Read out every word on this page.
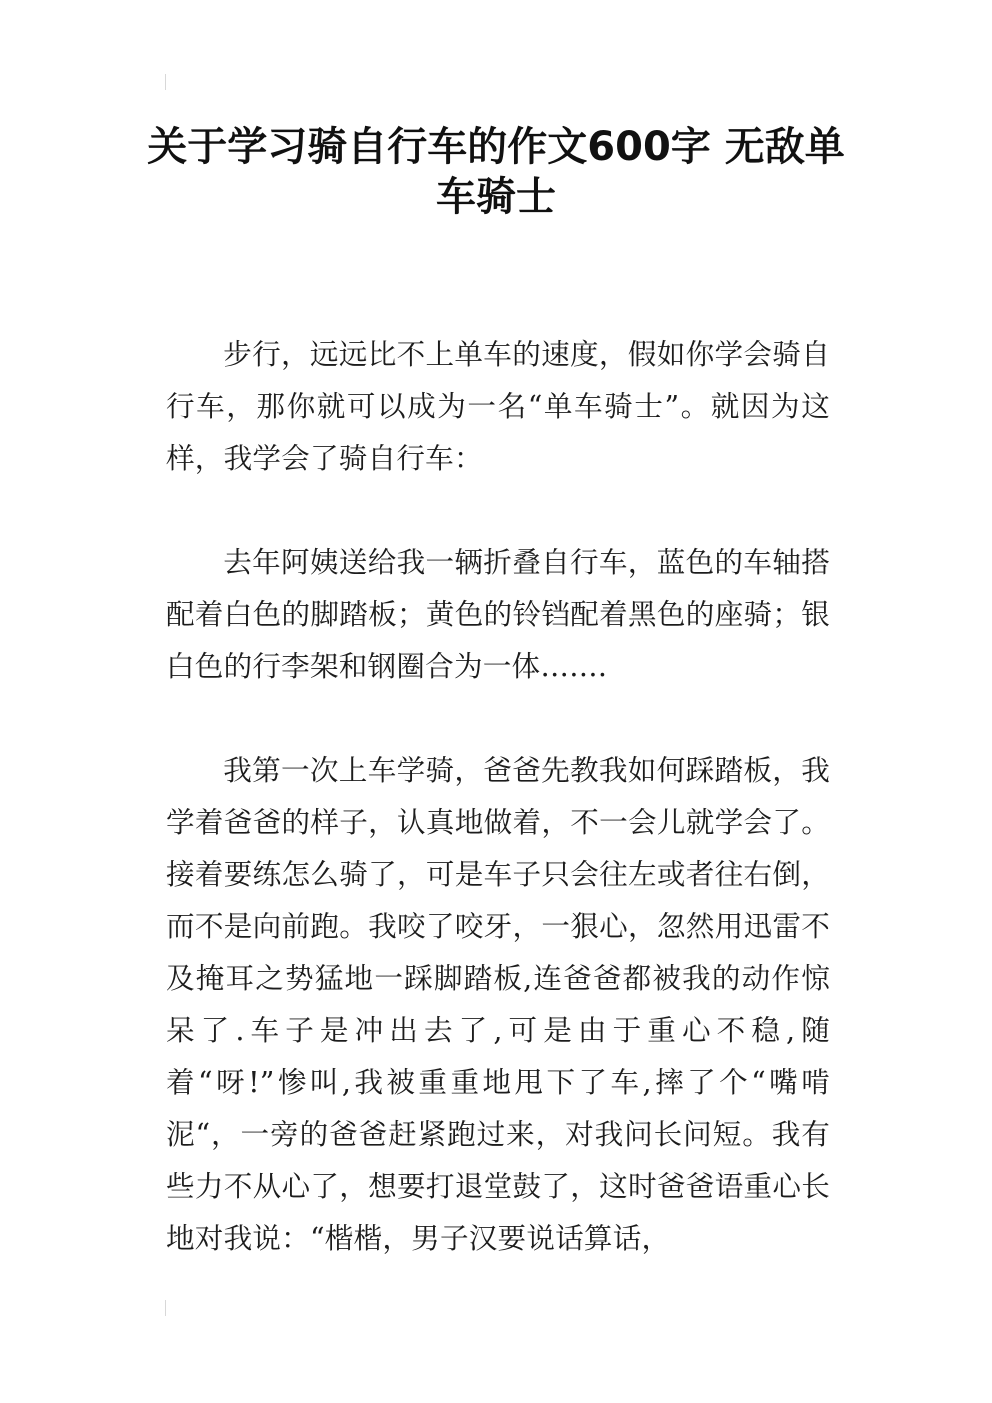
关于学习骑自行车的作文600字 无敌单车骑士

步行，远远比不上单车的速度，假如你学会骑自行车，那你就可以成为一名“单车骑士”。就因为这样，我学会了骑自行车：

去年阿姨送给我一辆折叠自行车，蓝色的车轴搭配着白色的脚踏板；黄色的铃铛配着黑色的座骑；银白色的行李架和钢圈合为一体…….

我第一次上车学骑，爸爸先教我如何踩踏板，我学着爸爸的样子，认真地做着，不一会儿就学会了。接着要练怎么骑了，可是车子只会往左或者往右倒，而不是向前跑。我咬了咬牙，一狠心，忽然用迅雷不及掩耳之势猛地一踩脚踏板,连爸爸都被我的动作惊呆了.车子是冲出去了,可是由于重心不稳,随着“呀!”惨叫,我被重重地甩下了车,摔了个“嘴啃泥“，一旁的爸爸赶紧跑过来，对我问长问短。我有些力不从心了，想要打退堂鼓了，这时爸爸语重心长地对我说：“楷楷，男子汉要说话算话，
